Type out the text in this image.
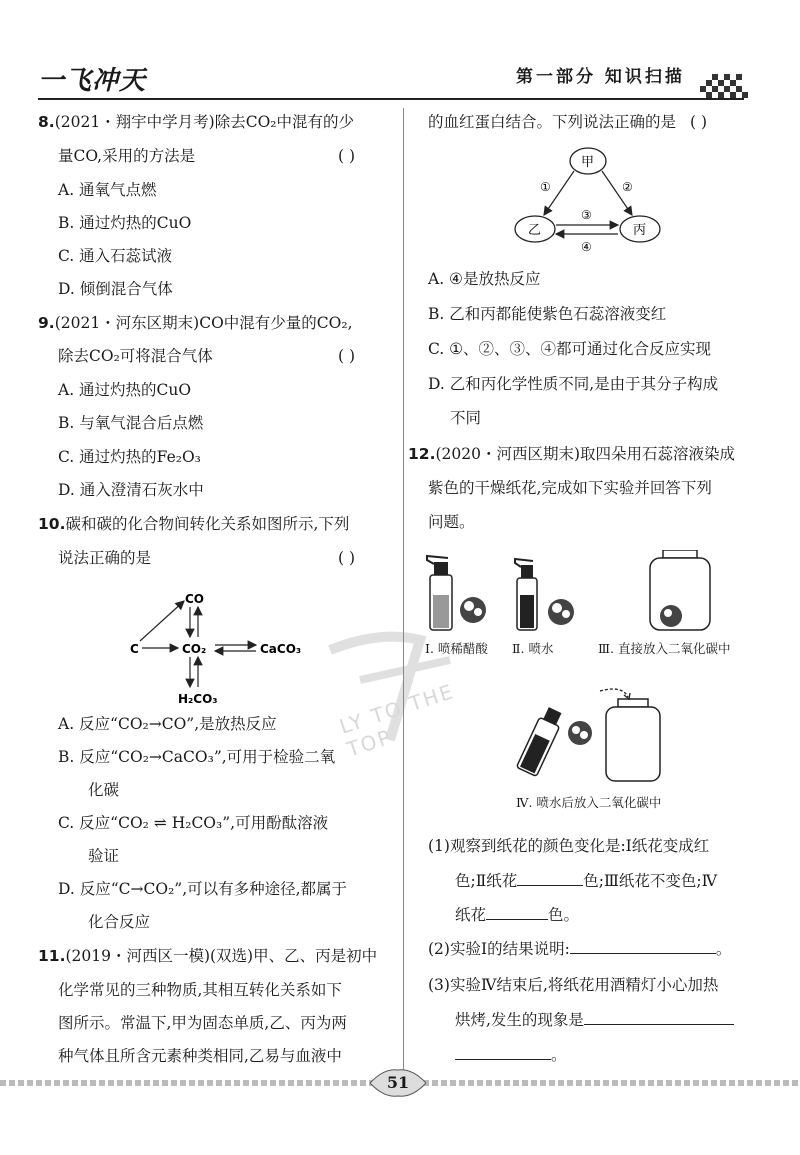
一飞冲天	第一部分 知识扫描
LY TO THE TOP
8.(2021・翔宇中学月考)除去CO₂中混有的少
量CO,采用的方法是	( )
A. 通氧气点燃
B. 通过灼热的CuO
C. 通入石蕊试液
D. 倾倒混合气体
9.(2021・河东区期末)CO中混有少量的CO₂,
除去CO₂可将混合气体	( )
A. 通过灼热的CuO
B. 与氧气混合后点燃
C. 通过灼热的Fe₂O₃
D. 通入澄清石灰水中
10.碳和碳的化合物间转化关系如图所示,下列
说法正确的是	( )
CO
C	CO₂	CaCO₃
H₂CO₃
A. 反应“CO₂→CO”,是放热反应
B. 反应“CO₂→CaCO₃”,可用于检验二氧
化碳
C. 反应“CO₂ ⇌ H₂CO₃”,可用酚酞溶液
验证
D. 反应“C→CO₂”,可以有多种途径,都属于
化合反应
11.(2019・河西区一模)(双选)甲、乙、丙是初中
化学常见的三种物质,其相互转化关系如下
图所示。常温下,甲为固态单质,乙、丙为两
种气体且所含元素种类相同,乙易与血液中
的血红蛋白结合。下列说法正确的是 ( )
甲
乙	丙
①	②
③
④
A. ④是放热反应
B. 乙和丙都能使紫色石蕊溶液变红
C. ①、②、③、④都可通过化合反应实现
D. 乙和丙化学性质不同,是由于其分子构成
不同
12.(2020・河西区期末)取四朵用石蕊溶液染成
紫色的干燥纸花,完成如下实验并回答下列
问题。
Ⅰ. 喷稀醋酸 Ⅱ. 喷水	Ⅲ. 直接放入二氧化碳中
Ⅳ. 喷水后放入二氧化碳中
(1)观察到纸花的颜色变化是:Ⅰ纸花变成红
色;Ⅱ纸花	色;Ⅲ纸花不变色;Ⅳ
纸花	色。
(2)实验Ⅰ的结果说明:	。
(3)实验Ⅳ结束后,将纸花用酒精灯小心加热
烘烤,发生的现象是
。
51
